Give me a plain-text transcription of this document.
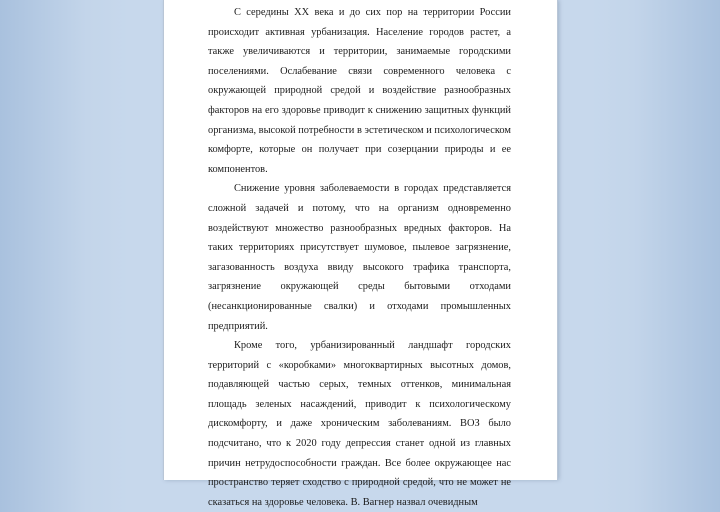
С середины XX века и до сих пор на территории России происходит активная урбанизация. Население городов растет, а также увеличиваются и территории, занимаемые городскими поселениями. Ослабевание связи современного человека с окружающей природной средой и воздействие разнообразных факторов на его здоровье приводит к снижению защитных функций организма, высокой потребности в эстетическом и психологическом комфорте, которые он получает при созерцании природы и ее компонентов.

Снижение уровня заболеваемости в городах представляется сложной задачей и потому, что на организм одновременно воздействуют множество разнообразных вредных факторов. На таких территориях присутствует шумовое, пылевое загрязнение, загазованность воздуха ввиду высокого трафика транспорта, загрязнение окружающей среды бытовыми отходами (несанкционированные свалки) и отходами промышленных предприятий.

Кроме того, урбанизированный ландшафт городских территорий с «коробками» многоквартирных высотных домов, подавляющей частью серых, темных оттенков, минимальная площадь зеленых насаждений, приводит к психологическому дискомфорту, и даже хроническим заболеваниям. ВОЗ было подсчитано, что к 2020 году депрессия станет одной из главных причин нетрудоспособности граждан. Все более окружающее нас пространство теряет сходство с природной средой, что не может не сказаться на здоровье человека. В. Вагнер назвал очевидным
